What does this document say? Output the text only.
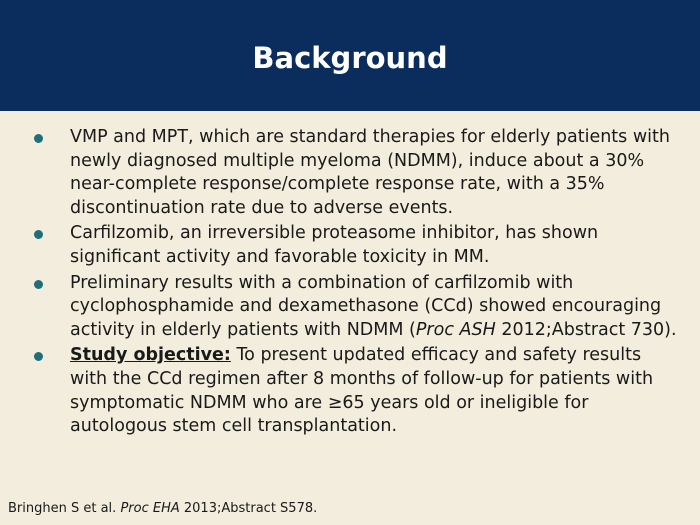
Background
VMP and MPT, which are standard therapies for elderly patients with newly diagnosed multiple myeloma (NDMM), induce about a 30% near-complete response/complete response rate, with a 35% discontinuation rate due to adverse events.
Carfilzomib, an irreversible proteasome inhibitor, has shown significant activity and favorable toxicity in MM.
Preliminary results with a combination of carfilzomib with cyclophosphamide and dexamethasone (CCd) showed encouraging activity in elderly patients with NDMM (Proc ASH 2012;Abstract 730).
Study objective: To present updated efficacy and safety results with the CCd regimen after 8 months of follow-up for patients with symptomatic NDMM who are ≥65 years old or ineligible for autologous stem cell transplantation.
Bringhen S et al. Proc EHA 2013;Abstract S578.
